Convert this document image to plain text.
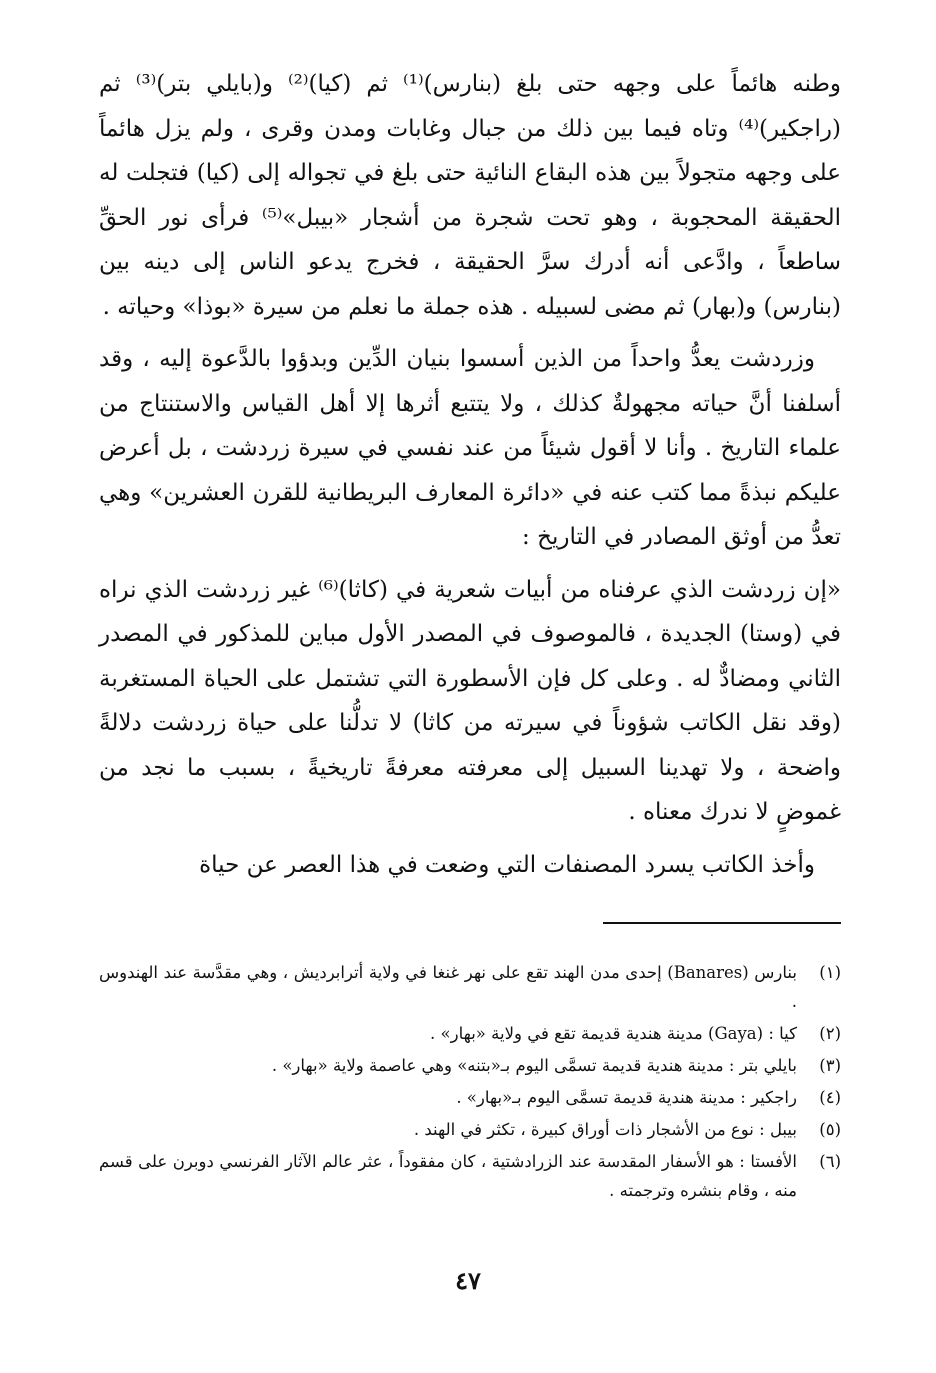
وطنه هائماً على وجهه حتى بلغ (بنارس)⁽¹⁾ ثم (كيا)⁽²⁾ و(بايلي بتر)⁽³⁾ ثم (راجكير)⁽⁴⁾ وتاه فيما بين ذلك من جبال وغابات ومدن وقرى ، ولم يزل هائماً على وجهه متجولاً بين هذه البقاع النائية حتى بلغ في تجواله إلى (كيا) فتجلت له الحقيقة المحجوبة ، وهو تحت شجرة من أشجار «بيبل»⁽⁵⁾ فرأى نور الحقِّ ساطعاً ، وادَّعى أنه أدرك سرَّ الحقيقة ، فخرج يدعو الناس إلى دينه بين (بنارس) و(بهار) ثم مضى لسبيله . هذه جملة ما نعلم من سيرة «بوذا» وحياته .

وزردشت يعدُّ واحداً من الذين أسسوا بنيان الدِّين وبدؤوا بالدَّعوة إليه ، وقد أسلفنا أنَّ حياته مجهولةٌ كذلك ، ولا يتتبع أثرها إلا أهل القياس والاستنتاج من علماء التاريخ . وأنا لا أقول شيئاً من عند نفسي في سيرة زردشت ، بل أعرض عليكم نبذةً مما كتب عنه في «دائرة المعارف البريطانية للقرن العشرين» وهي تعدُّ من أوثق المصادر في التاريخ :

«إن زردشت الذي عرفناه من أبيات شعرية في (كاثا)⁽⁶⁾ غير زردشت الذي نراه في (وستا) الجديدة ، فالموصوف في المصدر الأول مباين للمذكور في المصدر الثاني ومضادٌّ له . وعلى كل فإن الأسطورة التي تشتمل على الحياة المستغربة (وقد نقل الكاتب شؤوناً في سيرته من كاثا) لا تدلُّنا على حياة زردشت دلالةً واضحة ، ولا تهدينا السبيل إلى معرفته معرفةً تاريخيةً ، بسبب ما نجد من غموضٍ لا ندرك معناه .

وأخذ الكاتب يسرد المصنفات التي وضعت في هذا العصر عن حياة

(١)
بنارس (Banares) إحدى مدن الهند تقع على نهر غنغا في ولاية أترابرديش ، وهي مقدَّسة عند الهندوس .
(٢)
كيا : (Gaya) مدينة هندية قديمة تقع في ولاية «بهار» .
(٣)
بايلي بتر : مدينة هندية قديمة تسمَّى اليوم بـ«بتنه» وهي عاصمة ولاية «بهار» .
(٤)
راجكير : مدينة هندية قديمة تسمَّى اليوم بـ«بهار» .
(٥)
بيبل : نوع من الأشجار ذات أوراق كبيرة ، تكثر في الهند .
(٦)
الأفستا : هو الأسفار المقدسة عند الزرادشتية ، كان مفقوداً ، عثر عالم الآثار الفرنسي دوبرن على قسم منه ، وقام بنشره وترجمته .
٤٧
